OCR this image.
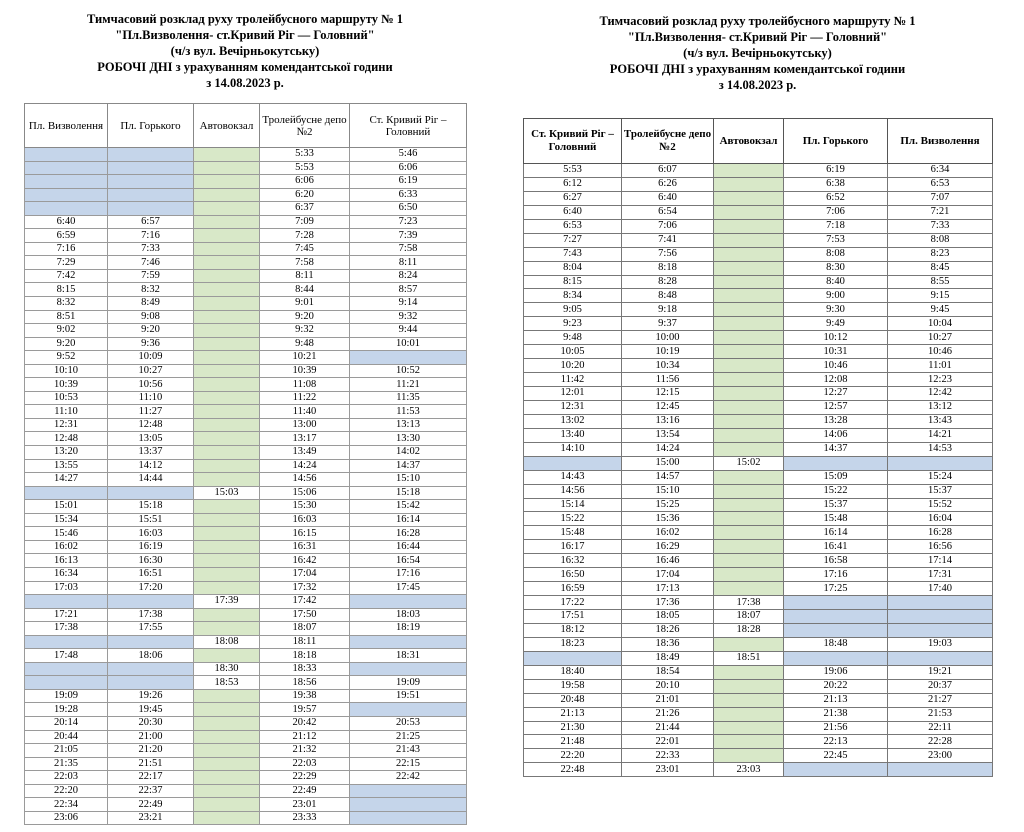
Тимчасовий розклад руху тролейбусного маршруту № 1

"Пл.Визволення- ст.Кривий Ріг — Головний"

(ч/з вул. Вечірньокутську)

РОБОЧІ ДНІ з урахуванням комендантської години

з 14.08.2023 р.

Пл. Визволення	Пл. Горького	Автовокзал	Тролейбусне депо №2	Ст. Кривий Ріг – Головний
			5:33	5:46
			5:53	6:06
			6:06	6:19
			6:20	6:33
			6:37	6:50
6:40	6:57		7:09	7:23
6:59	7:16		7:28	7:39
7:16	7:33		7:45	7:58
7:29	7:46		7:58	8:11
7:42	7:59		8:11	8:24
8:15	8:32		8:44	8:57
8:32	8:49		9:01	9:14
8:51	9:08		9:20	9:32
9:02	9:20		9:32	9:44
9:20	9:36		9:48	10:01
9:52	10:09		10:21	
10:10	10:27		10:39	10:52
10:39	10:56		11:08	11:21
10:53	11:10		11:22	11:35
11:10	11:27		11:40	11:53
12:31	12:48		13:00	13:13
12:48	13:05		13:17	13:30
13:20	13:37		13:49	14:02
13:55	14:12		14:24	14:37
14:27	14:44		14:56	15:10
		15:03	15:06	15:18
15:01	15:18		15:30	15:42
15:34	15:51		16:03	16:14
15:46	16:03		16:15	16:28
16:02	16:19		16:31	16:44
16:13	16:30		16:42	16:54
16:34	16:51		17:04	17:16
17:03	17:20		17:32	17:45
		17:39	17:42	
17:21	17:38		17:50	18:03
17:38	17:55		18:07	18:19
		18:08	18:11	
17:48	18:06		18:18	18:31
		18:30	18:33	
		18:53	18:56	19:09
19:09	19:26		19:38	19:51
19:28	19:45		19:57	
20:14	20:30		20:42	20:53
20:44	21:00		21:12	21:25
21:05	21:20		21:32	21:43
21:35	21:51		22:03	22:15
22:03	22:17		22:29	22:42
22:20	22:37		22:49	
22:34	22:49		23:01	
23:06	23:21		23:33	

Тимчасовий розклад руху тролейбусного маршруту № 1

"Пл.Визволення- ст.Кривий Ріг — Головний"

(ч/з вул. Вечірньокутську)

РОБОЧІ ДНІ з урахуванням комендантської години

з 14.08.2023 р.

Ст. Кривий Ріг – Головний	Тролейбусне депо №2	Автовокзал	Пл. Горького	Пл. Визволення
5:53	6:07		6:19	6:34
6:12	6:26		6:38	6:53
6:27	6:40		6:52	7:07
6:40	6:54		7:06	7:21
6:53	7:06		7:18	7:33
7:27	7:41		7:53	8:08
7:43	7:56		8:08	8:23
8:04	8:18		8:30	8:45
8:15	8:28		8:40	8:55
8:34	8:48		9:00	9:15
9:05	9:18		9:30	9:45
9:23	9:37		9:49	10:04
9:48	10:00		10:12	10:27
10:05	10:19		10:31	10:46
10:20	10:34		10:46	11:01
11:42	11:56		12:08	12:23
12:01	12:15		12:27	12:42
12:31	12:45		12:57	13:12
13:02	13:16		13:28	13:43
13:40	13:54		14:06	14:21
14:10	14:24		14:37	14:53
	15:00	15:02		
14:43	14:57		15:09	15:24
14:56	15:10		15:22	15:37
15:14	15:25		15:37	15:52
15:22	15:36		15:48	16:04
15:48	16:02		16:14	16:28
16:17	16:29		16:41	16:56
16:32	16:46		16:58	17:14
16:50	17:04		17:16	17:31
16:59	17:13		17:25	17:40
17:22	17:36	17:38		
17:51	18:05	18:07		
18:12	18:26	18:28		
18:23	18:36		18:48	19:03
	18:49	18:51		
18:40	18:54		19:06	19:21
19:58	20:10		20:22	20:37
20:48	21:01		21:13	21:27
21:13	21:26		21:38	21:53
21:30	21:44		21:56	22:11
21:48	22:01		22:13	22:28
22:20	22:33		22:45	23:00
22:48	23:01	23:03		
